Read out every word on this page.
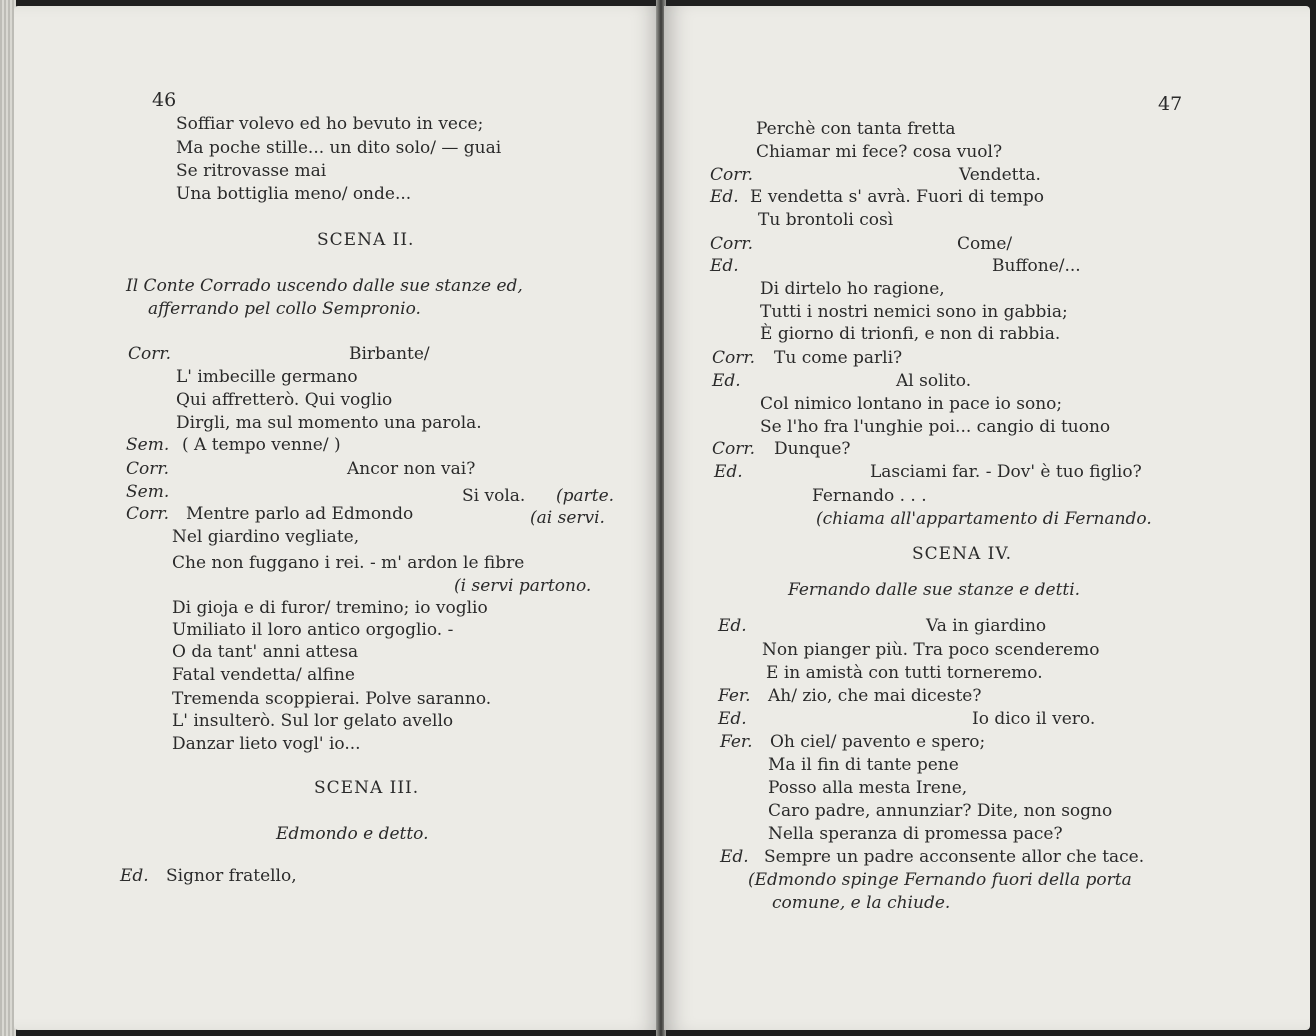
46
Soffiar volevo ed ho bevuto in vece;
Ma poche stille... un dito solo/ — guai
Se ritrovasse mai
Una bottiglia meno/ onde...
SCENA II.
Il Conte Corrado uscendo dalle sue stanze ed,
afferrando pel collo Sempronio.
Corr.	Birbante/
L' imbecille germano
Qui affretterò. Qui voglio
Dirgli, ma sul momento una parola.
Sem. ( A tempo venne/ )
Corr.	Ancor non vai?
Sem.	Si vola. (parte.
Corr. Mentre parlo ad Edmondo	(ai servi.
Nel giardino vegliate,
Che non fuggano i rei. - m' ardon le fibre
(i servi partono.
Di gioja e di furor/ tremino; io voglio
Umiliato il loro antico orgoglio. -
O da tant' anni attesa
Fatal vendetta/ alfine
Tremenda scoppierai. Polve saranno.
L' insulterò. Sul lor gelato avello
Danzar lieto vogl' io...
SCENA III.
Edmondo e detto.
Ed. Signor fratello,
47
Perchè con tanta fretta
Chiamar mi fece? cosa vuol?
Corr.	Vendetta.
Ed. E vendetta s' avrà. Fuori di tempo
Tu brontoli così
Corr.	Come/
Ed.	Buffone/...
Di dirtelo ho ragione,
Tutti i nostri nemici sono in gabbia;
È giorno di trionfi, e non di rabbia.
Corr. Tu come parli?
Ed.	Al solito.
Col nimico lontano in pace io sono;
Se l'ho fra l'unghie poi... cangio di tuono
Corr. Dunque?
Ed.	Lasciami far. - Dov' è tuo figlio?
Fernando . . .
(chiama all'appartamento di Fernando.
SCENA IV.
Fernando dalle sue stanze e detti.
Ed.	Va in giardino
Non pianger più. Tra poco scenderemo
E in amistà con tutti torneremo.
Fer. Ah/ zio, che mai diceste?
Ed.	Io dico il vero.
Fer. Oh ciel/ pavento e spero;
Ma il fin di tante pene
Posso alla mesta Irene,
Caro padre, annunziar? Dite, non sogno
Nella speranza di promessa pace?
Ed. Sempre un padre acconsente allor che tace.
(Edmondo spinge Fernando fuori della porta
comune, e la chiude.
